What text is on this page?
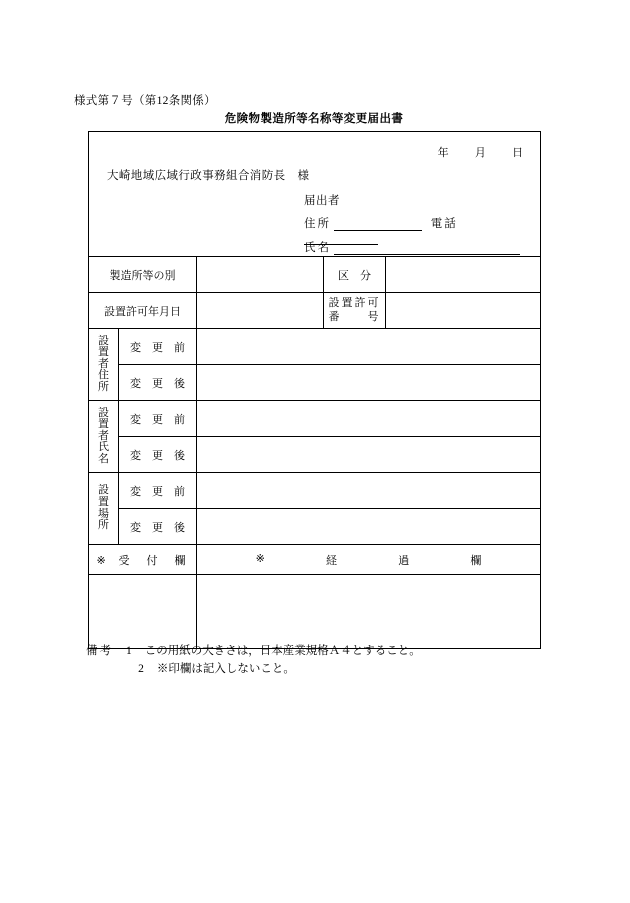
様式第７号（第12条関係）
危険物製造所等名称等変更届出書
年 月 日
大崎地域広域行政事務組合消防長 様
届出者
住所 電話
氏名				

製造所等の別			区　分	
設置許可年月日			設置許可
番　　号	

設
置
者
住
所	変　更　前			
	変　更　後			

設
置
者
氏
名	変　更　前			
	変　更　後			

設
置
場
所	変　更　前			
	変　更　後			
※ 受　付　欄		※ 経 過 欄		

備考 1 この用紙の大きさは，日本産業規格Ａ４とすること。
2 ※印欄は記入しないこと。
